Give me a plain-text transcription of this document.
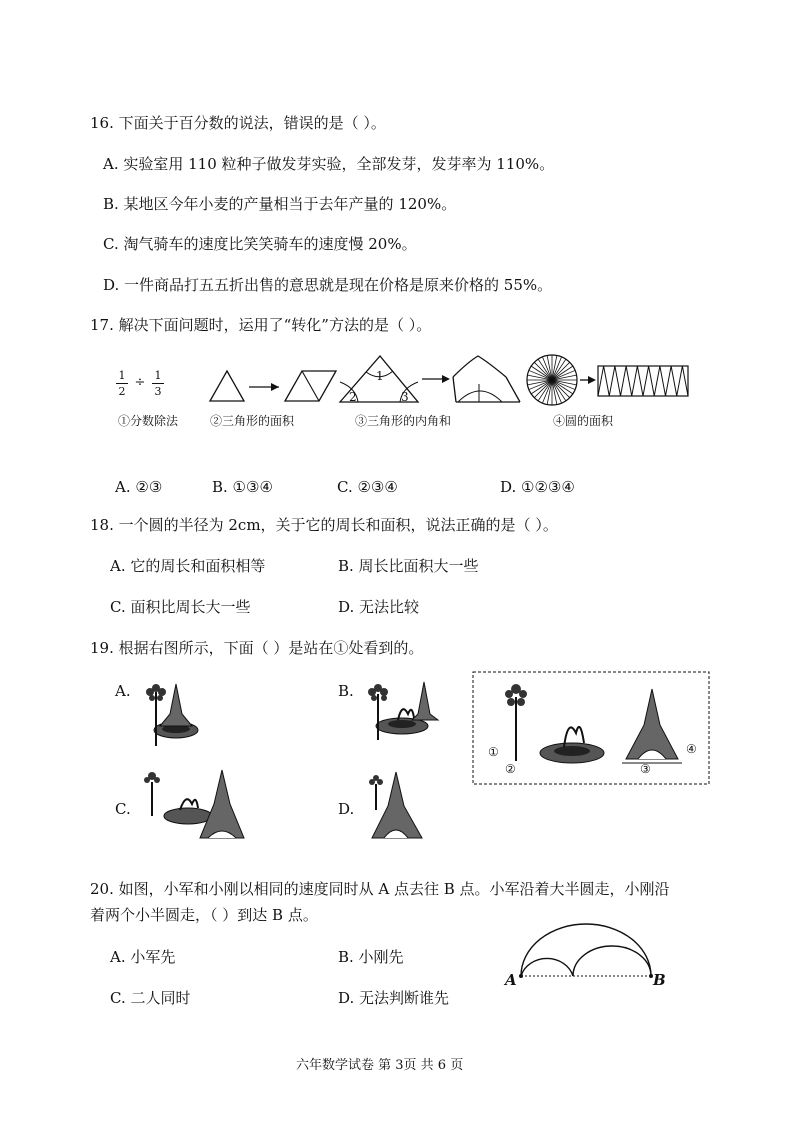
16. 下面关于百分数的说法，错误的是（ ）。
A. 实验室用 110 粒种子做发芽实验，全部发芽，发芽率为 110%。
B. 某地区今年小麦的产量相当于去年产量的 120%。
C. 淘气骑车的速度比笑笑骑车的速度慢 20%。
D. 一件商品打五五折出售的意思就是现在价格是原来价格的 55%。
17. 解决下面问题时，运用了“转化”方法的是（ ）。
1
2
÷ 1
3
1
2	3
①分数除法	②三角形的面积	③三角形的内角和	④圆的面积
A. ②③	B. ①③④	C. ②③④	D. ①②③④
18. 一个圆的半径为 2cm，关于它的周长和面积，说法正确的是（ ）。
A. 它的周长和面积相等	B. 周长比面积大一些
C. 面积比周长大一些	D. 无法比较
19. 根据右图所示，下面（ ）是站在①处看到的。
A.	B.
C.	D.
①
②	③
④
20. 如图，小军和小刚以相同的速度同时从 A 点去往 B 点。小军沿着大半圆走，小刚沿
着两个小半圆走，（ ）到达 B 点。
A. 小军先	B. 小刚先
C. 二人同时	D. 无法判断谁先
A	B
六年数学试卷 第 3页 共 6 页
